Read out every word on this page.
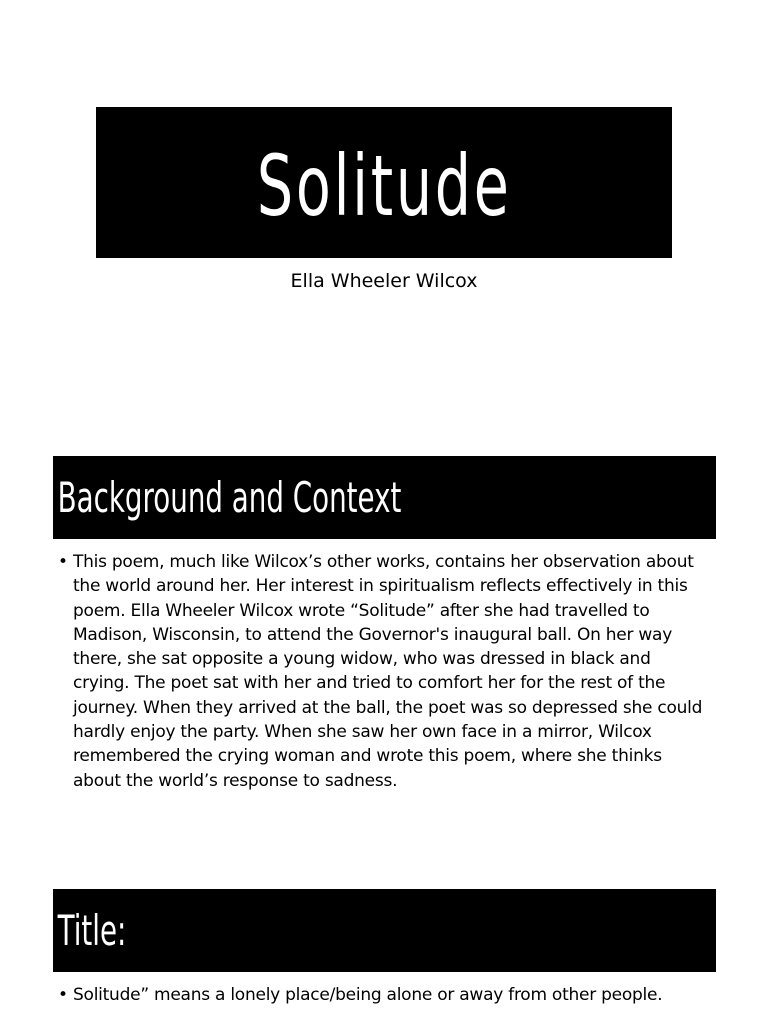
Solitude
Ella Wheeler Wilcox
Background and Context
• This poem, much like Wilcox’s other works, contains her observation about the world around her. Her interest in spiritualism reflects effectively in this poem. Ella Wheeler Wilcox wrote “Solitude” after she had travelled to Madison, Wisconsin, to attend the Governor's inaugural ball. On her way there, she sat opposite a young widow, who was dressed in black and crying. The poet sat with her and tried to comfort her for the rest of the journey. When they arrived at the ball, the poet was so depressed she could hardly enjoy the party. When she saw her own face in a mirror, Wilcox remembered the crying woman and wrote this poem, where she thinks about the world’s response to sadness.
Title:
• Solitude” means a lonely place/being alone or away from other people.
